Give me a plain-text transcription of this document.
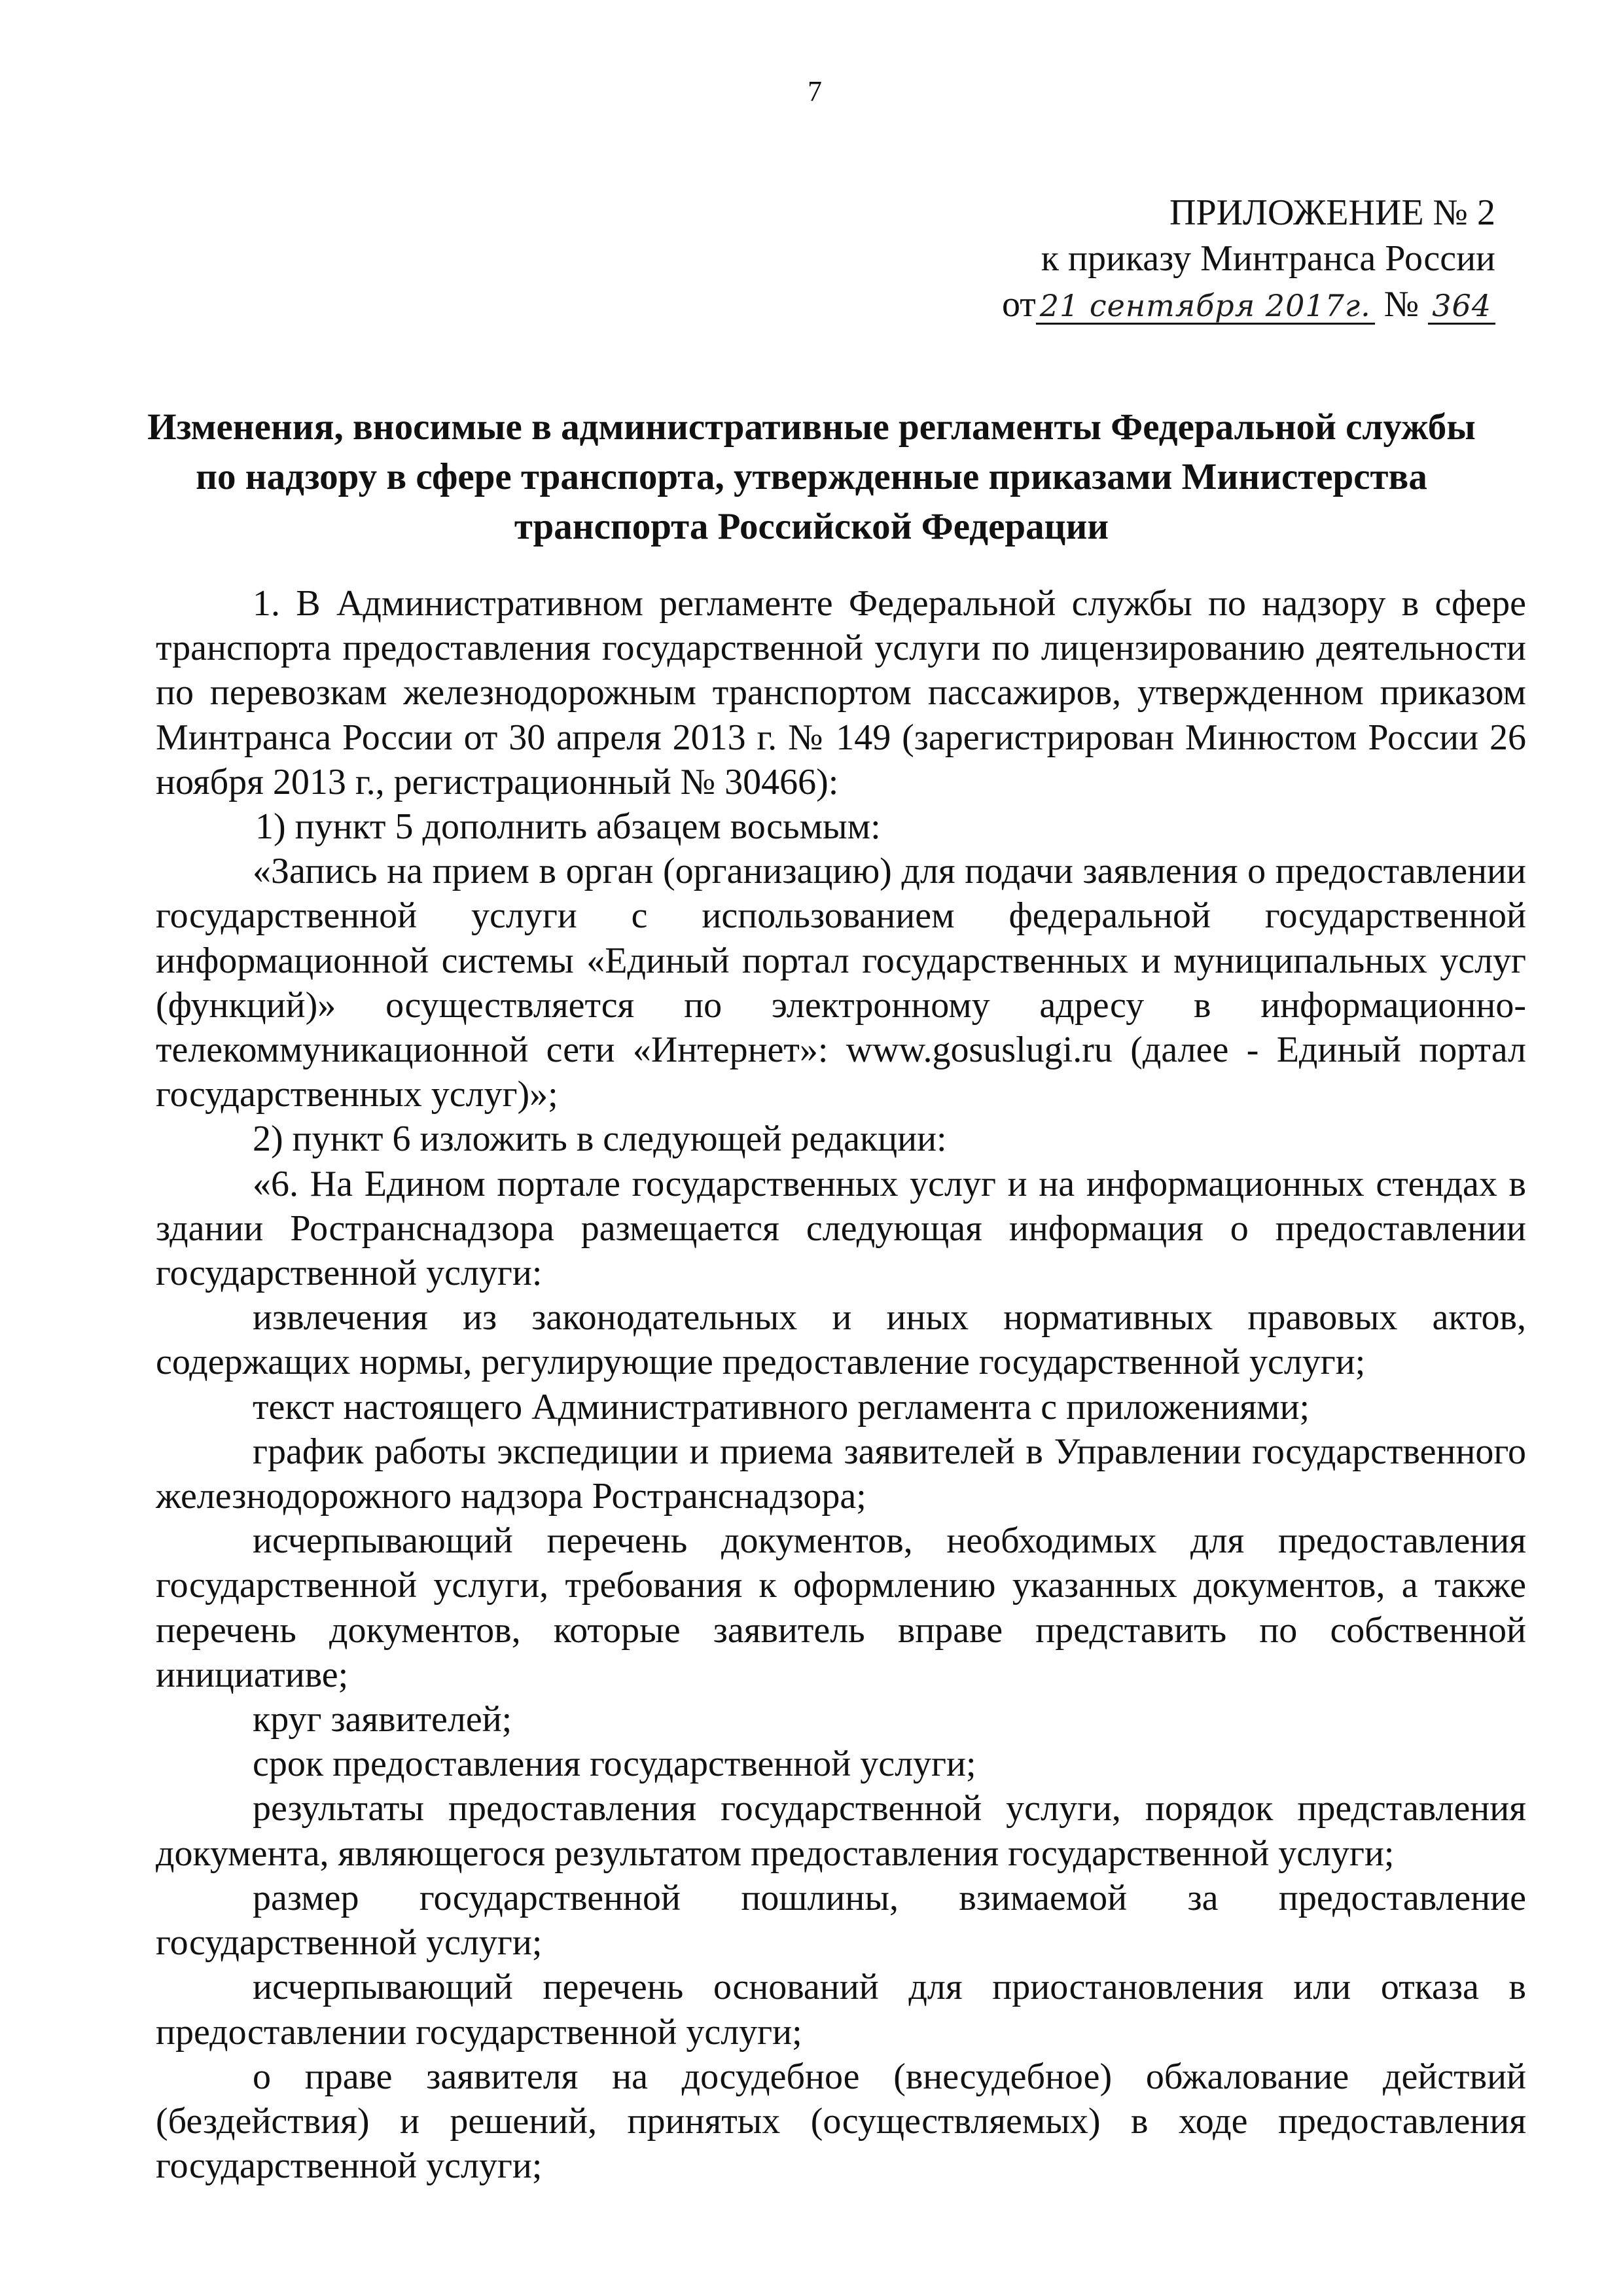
7
ПРИЛОЖЕНИЕ № 2
к приказу Минтранса России
от 21 сентября 2017г. № 364
Изменения, вносимые в административные регламенты Федеральной службы
по надзору в сфере транспорта, утвержденные приказами Министерства
транспорта Российской Федерации

1. В Административном регламенте Федеральной службы по надзору в сфере транспорта предоставления государственной услуги по лицензированию деятельности по перевозкам железнодорожным транспортом пассажиров, утвержденном приказом Минтранса России от 30 апреля 2013 г. № 149 (зарегистрирован Минюстом России 26 ноября 2013 г., регистрационный № 30466):

1) пункт 5 дополнить абзацем восьмым:

«Запись на прием в орган (организацию) для подачи заявления о предоставлении государственной услуги с использованием федеральной государственной информационной системы «Единый портал государственных и муниципальных услуг (функций)» осуществляется по электронному адресу в информационно-телекоммуникационной сети «Интернет»: www.gosuslugi.ru (далее - Единый портал государственных услуг)»;

2) пункт 6 изложить в следующей редакции:

«6. На Едином портале государственных услуг и на информационных стендах в здании Ространснадзора размещается следующая информация о предоставлении государственной услуги:

извлечения из законодательных и иных нормативных правовых актов, содержащих нормы, регулирующие предоставление государственной услуги;

текст настоящего Административного регламента с приложениями;

график работы экспедиции и приема заявителей в Управлении государственного железнодорожного надзора Ространснадзора;

исчерпывающий перечень документов, необходимых для предоставления государственной услуги, требования к оформлению указанных документов, а также перечень документов, которые заявитель вправе представить по собственной инициативе;

круг заявителей;

срок предоставления государственной услуги;

результаты предоставления государственной услуги, порядок представления документа, являющегося результатом предоставления государственной услуги;

размер государственной пошлины, взимаемой за предоставление государственной услуги;

исчерпывающий перечень оснований для приостановления или отказа в предоставлении государственной услуги;

о праве заявителя на досудебное (внесудебное) обжалование действий (бездействия) и решений, принятых (осуществляемых) в ходе предоставления государственной услуги;
